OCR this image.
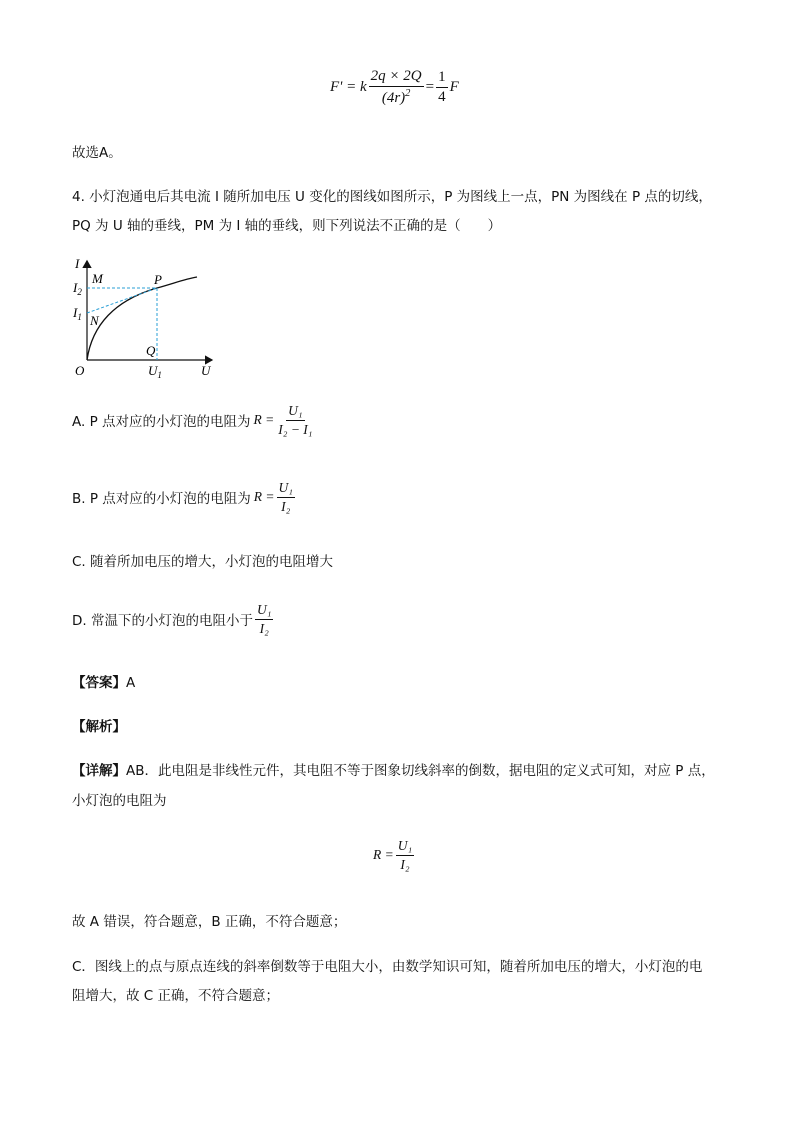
F' = k $\frac{2q \times 2Q}{(4r)^2} = \frac{1}{4}$ F
故选A。
4. 小灯泡通电后其电流 I 随所加电压 U 变化的图线如图所示，P 为图线上一点，PN 为图线在 P 点的切线，
PQ 为 U 轴的垂线，PM 为 I 轴的垂线，则下列说法不正确的是（　　）
I
M	P
$I_2$
$I_1$ N
Q
O	$U_1$	U
A. P 点对应的小灯泡的电阻为 $R = \frac{\text{U₁}}{\text{I₂ − I₁}}$
B. P 点对应的小灯泡的电阻为 $R = \frac{\text{U₁}}{\text{I₂}}$
C. 随着所加电压的增大，小灯泡的电阻增大
D. 常温下的小灯泡的电阻小于 $\frac{\text{U₁}}{\text{I₂}}$
【答案】A
【解析】
【详解】AB．此电阻是非线性元件，其电阻不等于图象切线斜率的倒数，据电阻的定义式可知，对应 P 点，
小灯泡的电阻为
$R = \frac{\text{U₁}}{\text{I₂}}$
故 A 错误，符合题意，B 正确，不符合题意；
C．图线上的点与原点连线的斜率倒数等于电阻大小，由数学知识可知，随着所加电压的增大，小灯泡的电
阻增大，故 C 正确，不符合题意；
